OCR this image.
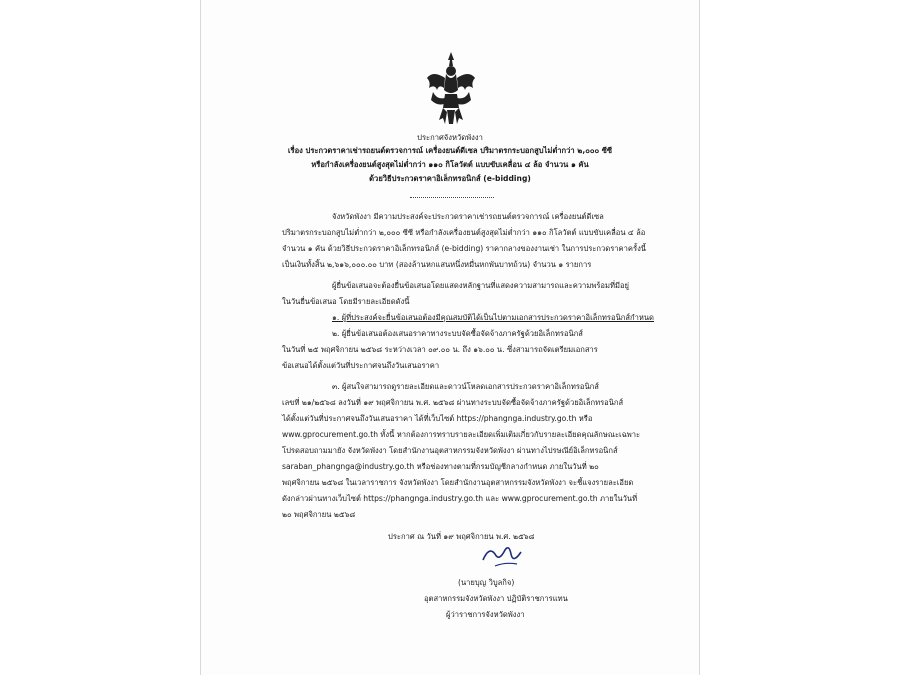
ประกาศจังหวัดพังงา
เรื่อง ประกวดราคาเช่ารถยนต์ตรวจการณ์ เครื่องยนต์ดีเซล ปริมาตรกระบอกสูบไม่ต่ำกว่า ๒,๐๐๐ ซีซี
หรือกำลังเครื่องยนต์สูงสุดไม่ต่ำกว่า ๑๑๐ กิโลวัตต์ แบบขับเคลื่อน ๔ ล้อ จำนวน ๑ คัน
ด้วยวิธีประกวดราคาอิเล็กทรอนิกส์ (e-bidding)
จังหวัดพังงา มีความประสงค์จะประกวดราคาเช่ารถยนต์ตรวจการณ์ เครื่องยนต์ดีเซล
ปริมาตรกระบอกสูบไม่ต่ำกว่า ๒,๐๐๐ ซีซี หรือกำลังเครื่องยนต์สูงสุดไม่ต่ำกว่า ๑๑๐ กิโลวัตต์ แบบขับเคลื่อน ๔ ล้อ
จำนวน ๑ คัน ด้วยวิธีประกวดราคาอิเล็กทรอนิกส์ (e-bidding) ราคากลางของงานเช่า ในการประกวดราคาครั้งนี้
เป็นเงินทั้งสิ้น ๒,๖๑๖,๐๐๐.๐๐ บาท (สองล้านหกแสนหนึ่งหมื่นหกพันบาทถ้วน) จำนวน ๑ รายการ
ผู้ยื่นข้อเสนอจะต้องยื่นข้อเสนอโดยแสดงหลักฐานที่แสดงความสามารถและความพร้อมที่มีอยู่
ในวันยื่นข้อเสนอ โดยมีรายละเอียดดังนี้
๑. ผู้ที่ประสงค์จะยื่นข้อเสนอต้องมีคุณสมบัติได้เป็นไปตามเอกสารประกวดราคาอิเล็กทรอนิกส์กำหนด
๒. ผู้ยื่นข้อเสนอต้องเสนอราคาทางระบบจัดซื้อจัดจ้างภาครัฐด้วยอิเล็กทรอนิกส์
ในวันที่ ๒๕ พฤศจิกายน ๒๕๖๘ ระหว่างเวลา ๐๙.๐๐ น. ถึง ๑๖.๐๐ น. ซึ่งสามารถจัดเตรียมเอกสาร
ข้อเสนอได้ตั้งแต่วันที่ประกาศจนถึงวันเสนอราคา
๓. ผู้สนใจสามารถดูรายละเอียดและดาวน์โหลดเอกสารประกวดราคาอิเล็กทรอนิกส์
เลขที่ ๒๑/๒๕๖๘ ลงวันที่ ๑๙ พฤศจิกายน พ.ศ. ๒๕๖๘ ผ่านทางระบบจัดซื้อจัดจ้างภาครัฐด้วยอิเล็กทรอนิกส์
ได้ตั้งแต่วันที่ประกาศจนถึงวันเสนอราคา ได้ที่เว็บไซต์ https://phangnga.industry.go.th หรือ
www.gprocurement.go.th ทั้งนี้ หากต้องการทราบรายละเอียดเพิ่มเติมเกี่ยวกับรายละเอียดคุณลักษณะเฉพาะ
โปรดสอบถามมายัง จังหวัดพังงา โดยสำนักงานอุตสาหกรรมจังหวัดพังงา ผ่านทางไปรษณีย์อิเล็กทรอนิกส์
saraban_phangnga@industry.go.th หรือช่องทางตามที่กรมบัญชีกลางกำหนด ภายในวันที่ ๒๐
พฤศจิกายน ๒๕๖๘ ในเวลาราชการ จังหวัดพังงา โดยสำนักงานอุตสาหกรรมจังหวัดพังงา จะชี้แจงรายละเอียด
ดังกล่าวผ่านทางเว็บไซต์ https://phangnga.industry.go.th และ www.gprocurement.go.th ภายในวันที่
๒๐ พฤศจิกายน ๒๕๖๘
ประกาศ ณ วันที่ ๑๙ พฤศจิกายน พ.ศ. ๒๕๖๘
(นายบุญ วิบูลกิจ)
อุตสาหกรรมจังหวัดพังงา ปฏิบัติราชการแทน
ผู้ว่าราชการจังหวัดพังงา
